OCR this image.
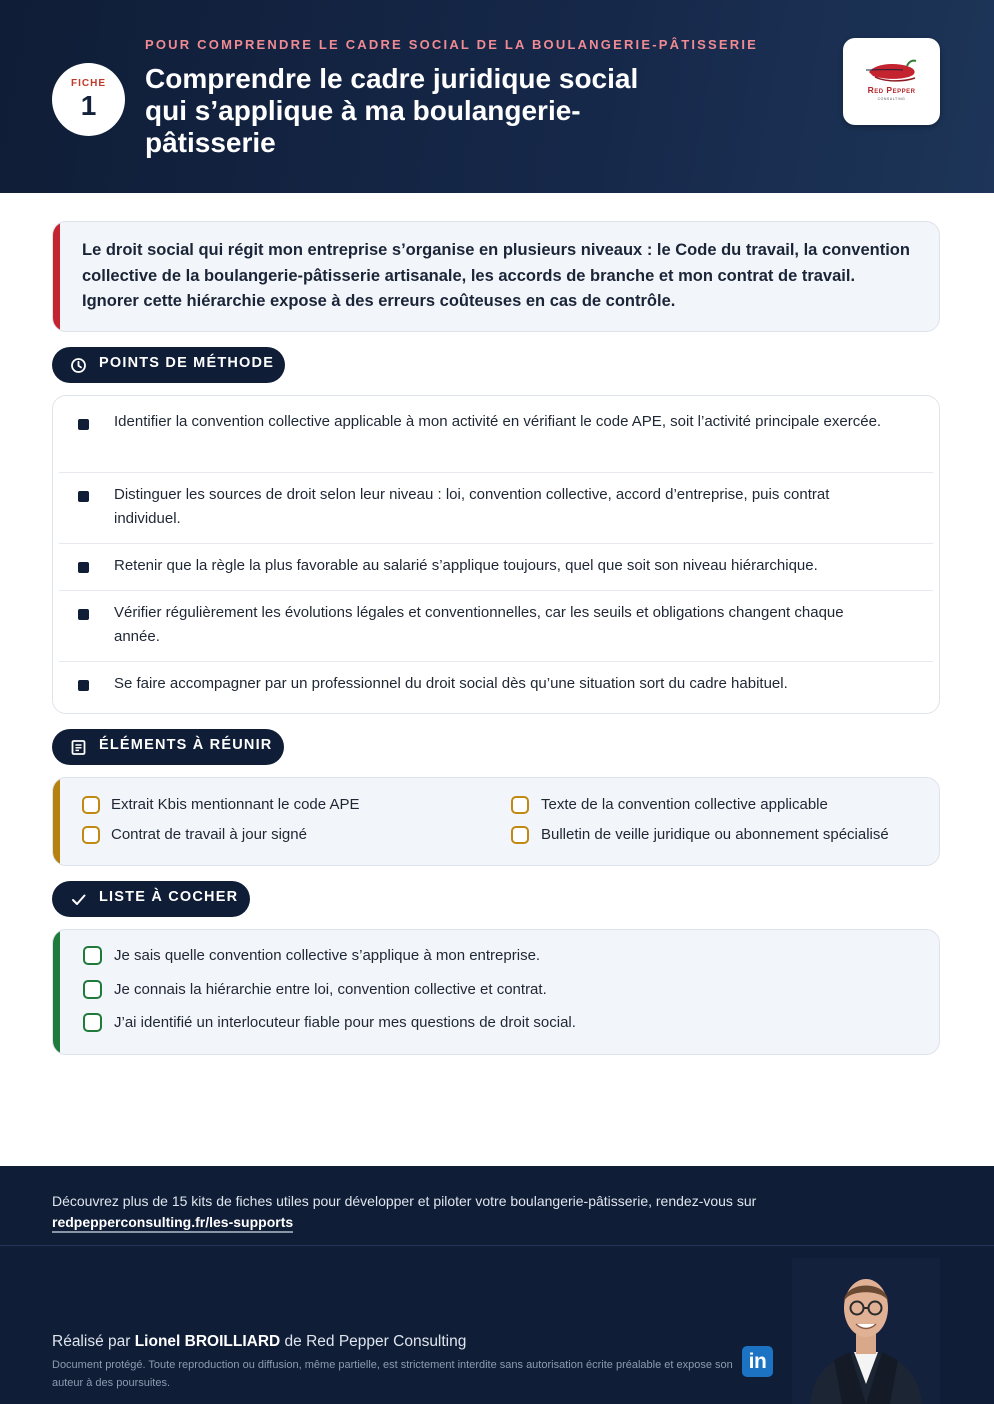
FICHE
1
POUR COMPRENDRE LE CADRE SOCIAL DE LA BOULANGERIE-PÂTISSERIE
Comprendre le cadre juridique social qui s’applique à ma boulangerie-pâtisserie
Red Pepper
CONSULTING

Le droit social qui régit mon entreprise s’organise en plusieurs niveaux : le Code du travail, la convention collective de la boulangerie-pâtisserie artisanale, les accords de branche et mon contrat de travail. Ignorer cette hiérarchie expose à des erreurs coûteuses en cas de contrôle.

POINTS DE MÉTHODE

Identifier la convention collective applicable à mon activité en vérifiant le code APE, soit l’activité principale exercée.

Distinguer les sources de droit selon leur niveau : loi, convention collective, accord d’entreprise, puis contrat individuel.

Retenir que la règle la plus favorable au salarié s’applique toujours, quel que soit son niveau hiérarchique.

Vérifier régulièrement les évolutions légales et conventionnelles, car les seuils et obligations changent chaque année.

Se faire accompagner par un professionnel du droit social dès qu’une situation sort du cadre habituel.

ÉLÉMENTS À RÉUNIR
Extrait Kbis mentionnant le code APE	Texte de la convention collective applicable
Contrat de travail à jour signé	Bulletin de veille juridique ou abonnement spécialisé
LISTE À COCHER
Je sais quelle convention collective s’applique à mon entreprise.
Je connais la hiérarchie entre loi, convention collective et contrat.
J’ai identifié un interlocuteur fiable pour mes questions de droit social.

Découvrez plus de 15 kits de fiches utiles pour développer et piloter votre boulangerie-pâtisserie, rendez-vous sur

redpepperconsulting.fr/les-supports

Réalisé par Lionel BROILLIARD de Red Pepper Consulting

Document protégé. Toute reproduction ou diffusion, même partielle, est strictement interdite sans autorisation écrite préalable et expose son auteur à des poursuites.

in
